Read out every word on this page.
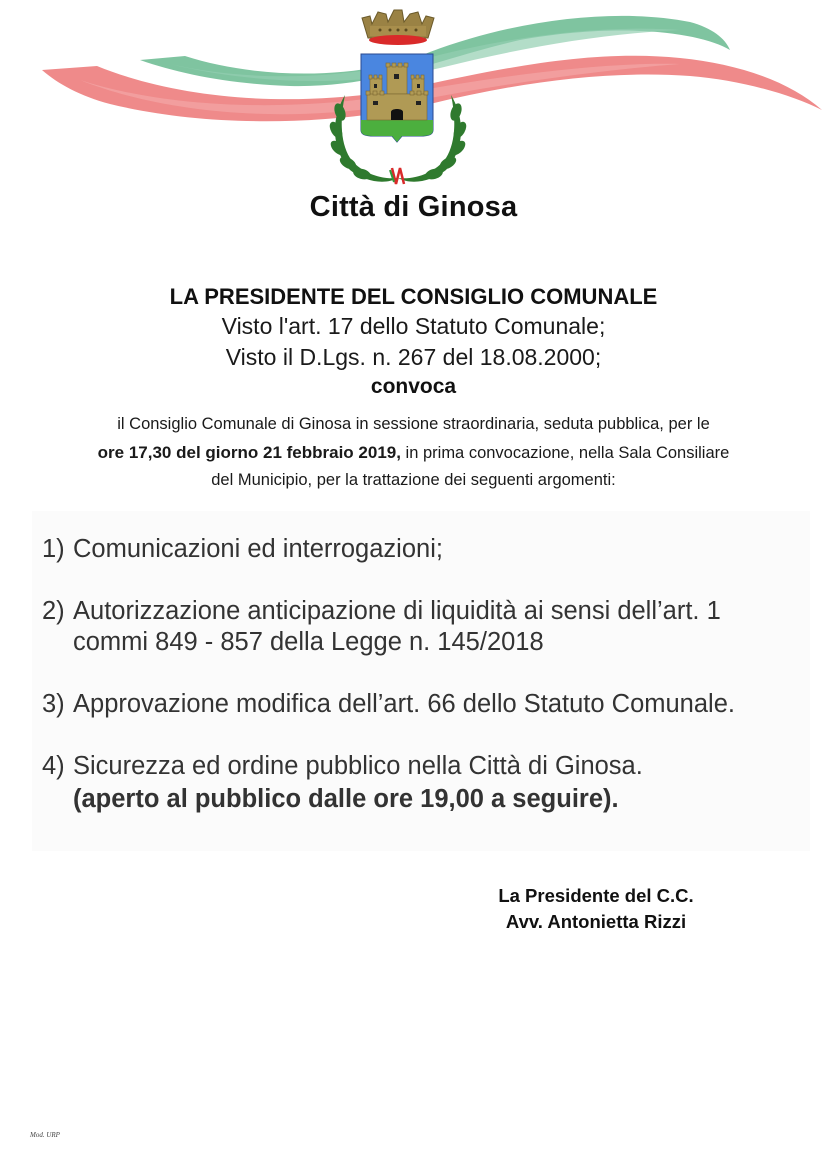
Città di Ginosa
LA PRESIDENTE DEL CONSIGLIO COMUNALE
Visto l'art. 17 dello Statuto Comunale;
Visto il D.Lgs. n. 267 del 18.08.2000;
convoca
il Consiglio Comunale di Ginosa in sessione straordinaria, seduta pubblica, per le
ore 17,30 del giorno 21 febbraio 2019, in prima convocazione, nella Sala Consiliare
del Municipio, per la trattazione dei seguenti argomenti:
1) Comunicazioni ed interrogazioni;
2) Autorizzazione anticipazione di liquidità ai sensi dell’art. 1
commi 849 - 857 della Legge n. 145/2018
3) Approvazione modifica dell’art. 66 dello Statuto Comunale.
4) Sicurezza ed ordine pubblico nella Città di Ginosa.
(aperto al pubblico dalle ore 19,00 a seguire).
La Presidente del C.C.
Avv. Antonietta Rizzi
Mod. URP
